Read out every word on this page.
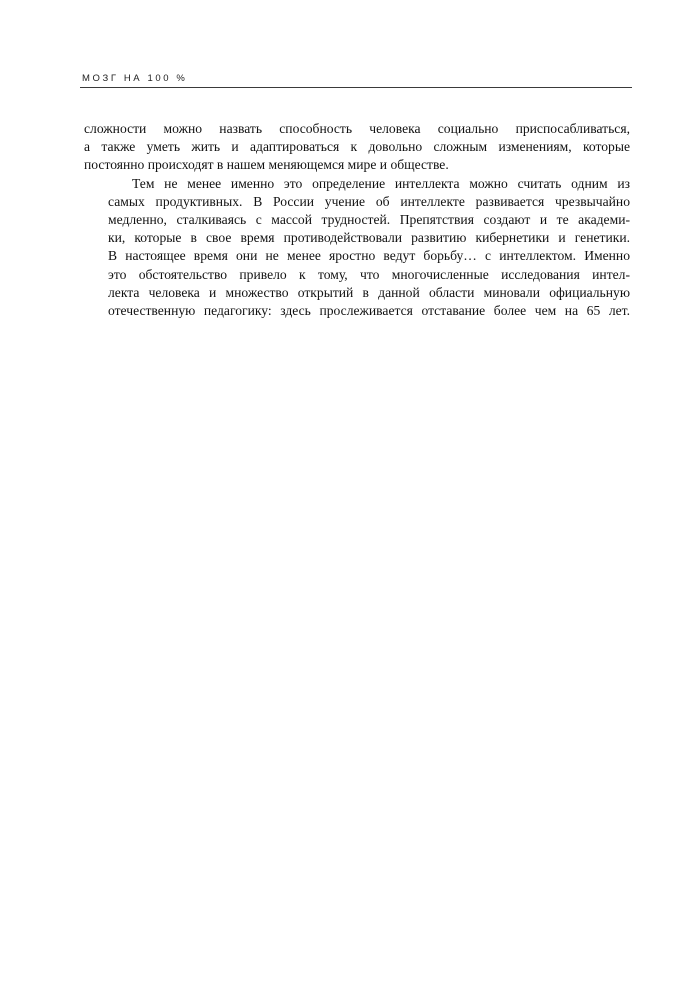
МОЗГ НА 100 %

сложности можно назвать способность человека социально приспосабливаться,
а также уметь жить и адаптироваться к довольно сложным изменениям, которые
постоянно происходят в нашем меняющемся мире и обществе.

Тем не менее именно это определение интеллекта можно считать одним из
самых продуктивных. В России учение об интеллекте развивается чрезвычайно
медленно, сталкиваясь с массой трудностей. Препятствия создают и те академи-
ки, которые в свое время противодействовали развитию кибернетики и генетики.
В настоящее время они не менее яростно ведут борьбу… с интеллектом. Именно
это обстоятельство привело к тому, что многочисленные исследования интел-
лекта человека и множество открытий в данной области миновали официальную
отечественную педагогику: здесь прослеживается отставание более чем на 65 лет.
